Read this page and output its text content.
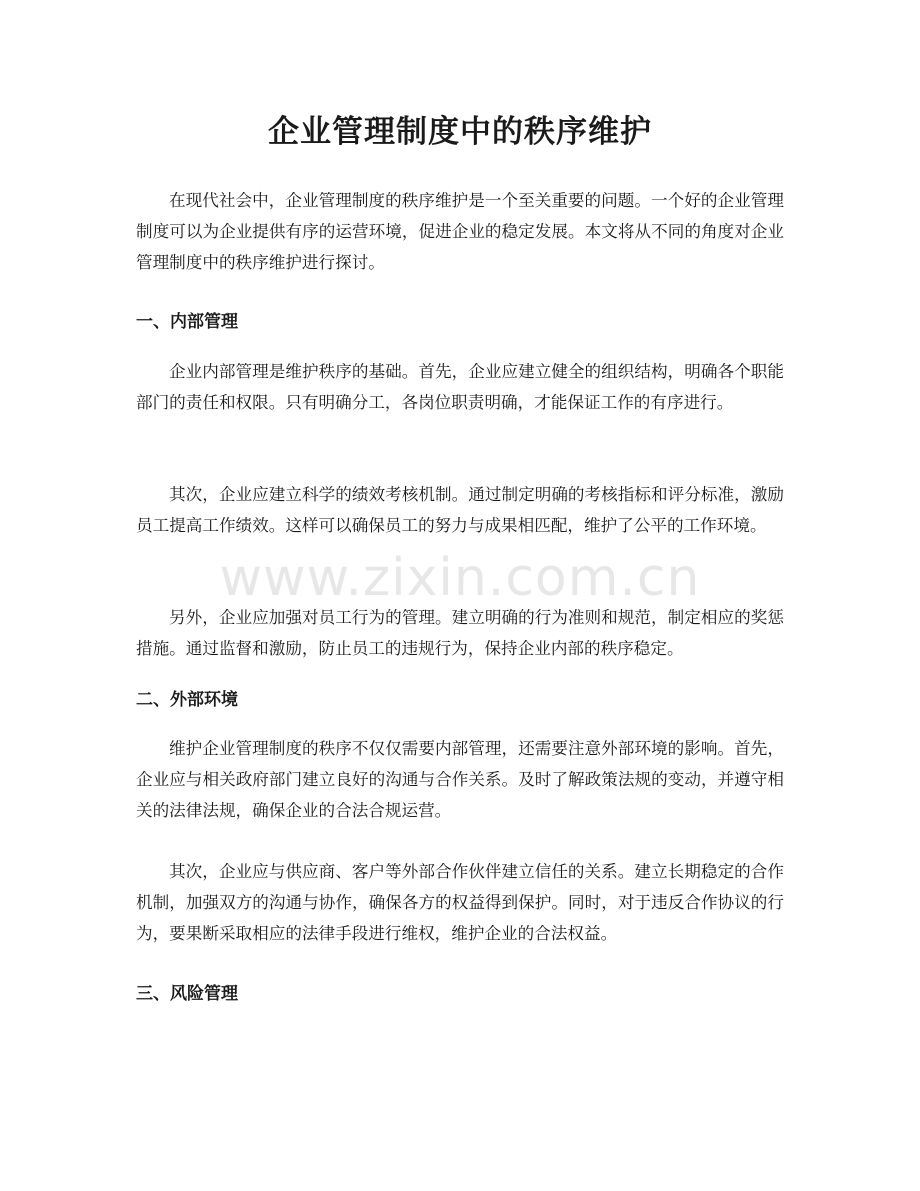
企业管理制度中的秩序维护

在现代社会中，企业管理制度的秩序维护是一个至关重要的问题。一个好的企业管理制度可以为企业提供有序的运营环境，促进企业的稳定发展。本文将从不同的角度对企业管理制度中的秩序维护进行探讨。

一、内部管理

企业内部管理是维护秩序的基础。首先，企业应建立健全的组织结构，明确各个职能部门的责任和权限。只有明确分工，各岗位职责明确，才能保证工作的有序进行。

其次，企业应建立科学的绩效考核机制。通过制定明确的考核指标和评分标准，激励员工提高工作绩效。这样可以确保员工的努力与成果相匹配，维护了公平的工作环境。

另外，企业应加强对员工行为的管理。建立明确的行为准则和规范，制定相应的奖惩措施。通过监督和激励，防止员工的违规行为，保持企业内部的秩序稳定。

二、外部环境

维护企业管理制度的秩序不仅仅需要内部管理，还需要注意外部环境的影响。首先，企业应与相关政府部门建立良好的沟通与合作关系。及时了解政策法规的变动，并遵守相关的法律法规，确保企业的合法合规运营。

其次，企业应与供应商、客户等外部合作伙伴建立信任的关系。建立长期稳定的合作机制，加强双方的沟通与协作，确保各方的权益得到保护。同时，对于违反合作协议的行为，要果断采取相应的法律手段进行维权，维护企业的合法权益。

三、风险管理
www.zixin.com.cn
